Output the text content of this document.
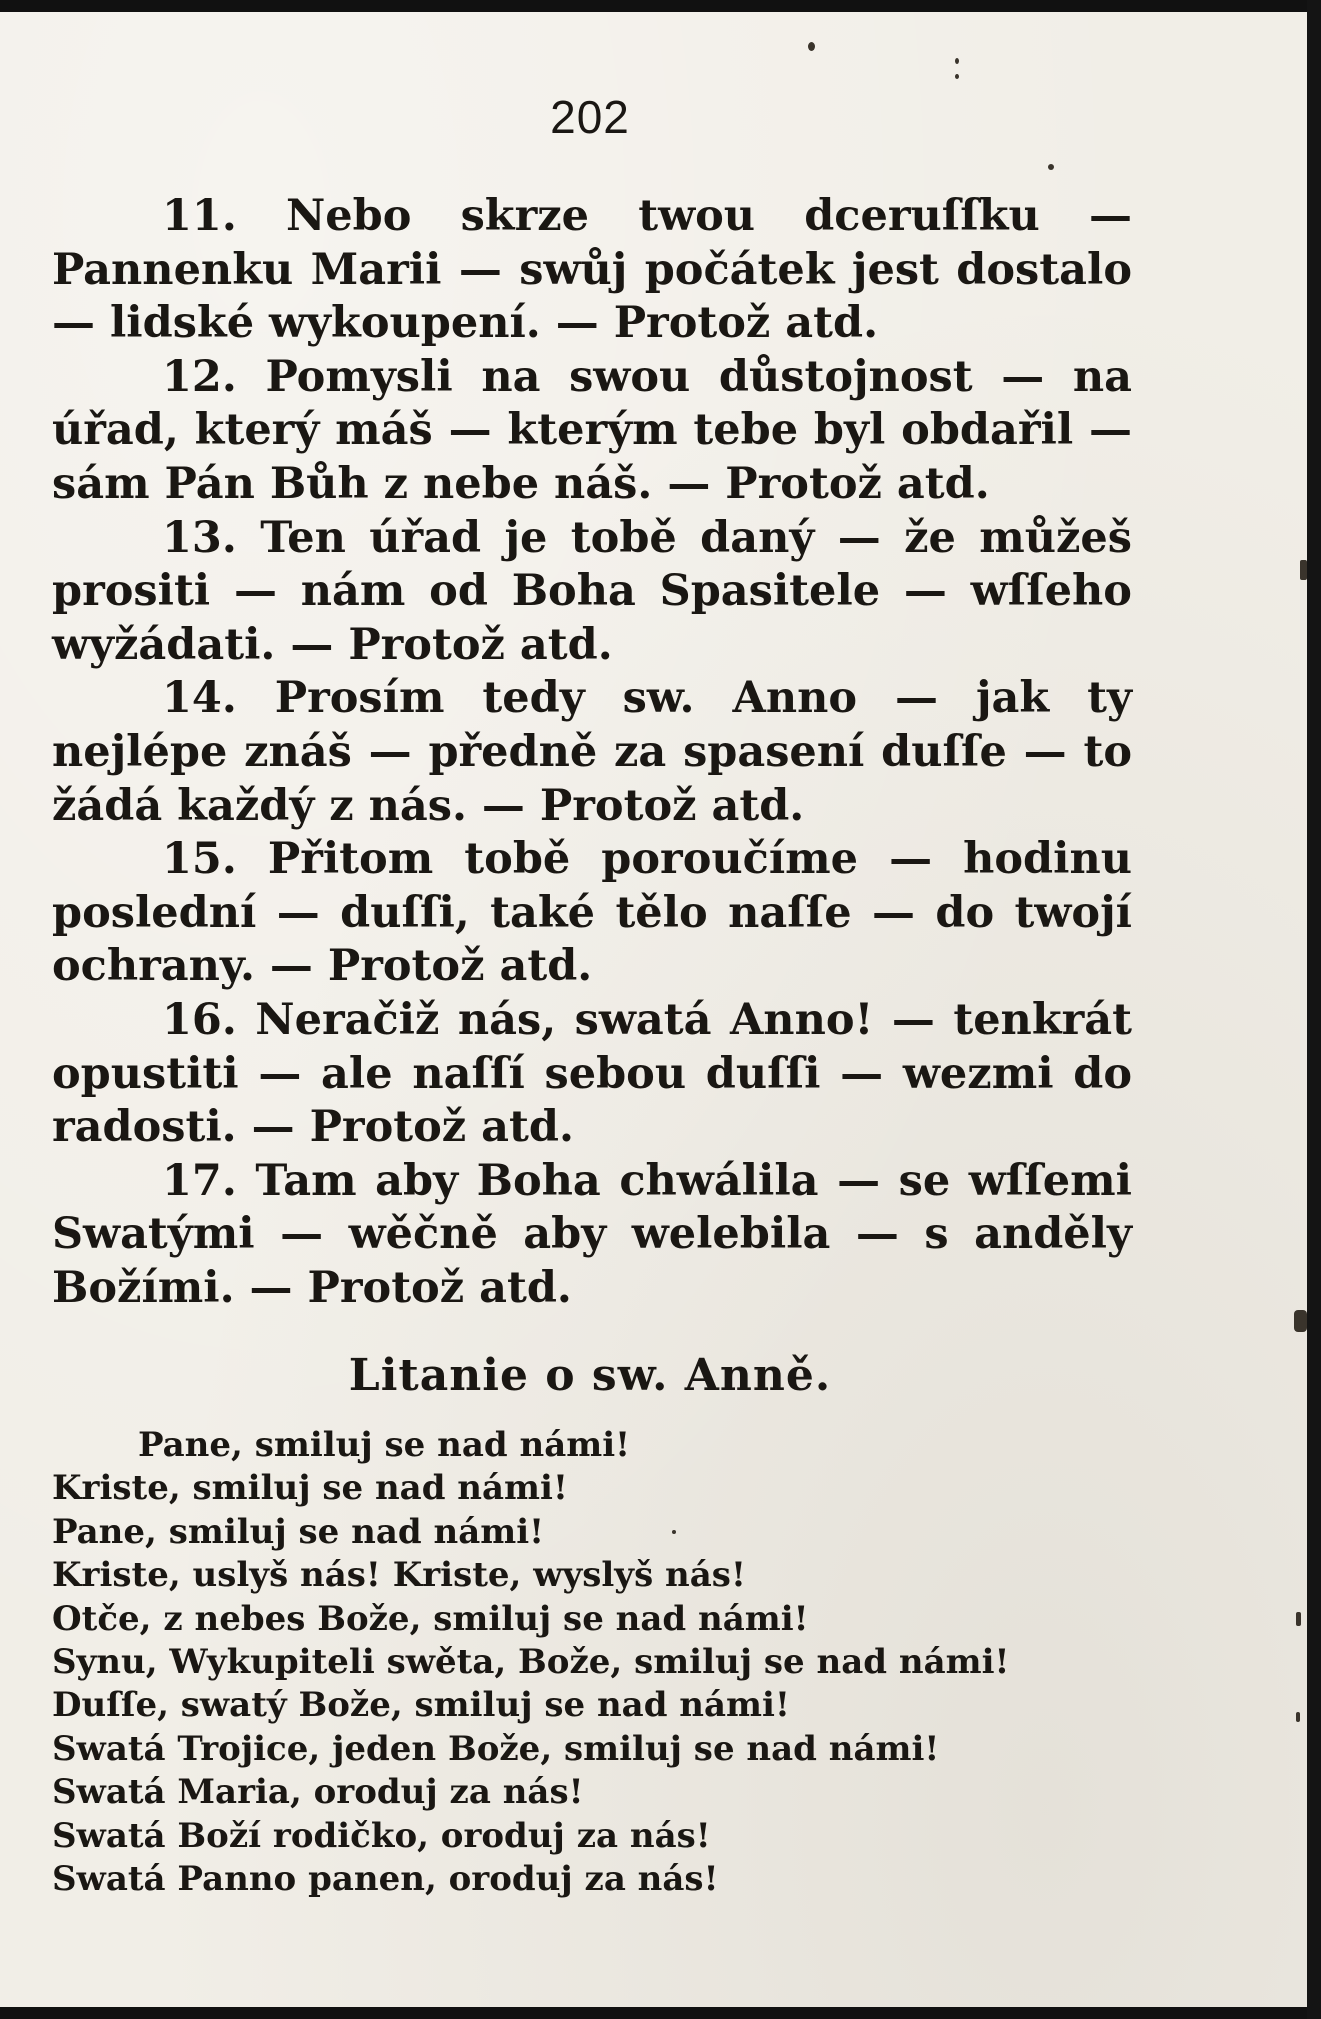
202

11. Nebo skrze twou dceruſſku — Pannenku Marii — swůj počátek jest dostalo — lidské wykoupení. — Protož atd.

12. Pomysli na swou důstojnost — na úřad, který máš — kterým tebe byl obdařil — sám Pán Bůh z nebe náš. — Protož atd.

13. Ten úřad je tobě daný — že můžeš prositi — nám od Boha Spasitele — wſſeho wyžádati. — Protož atd.

14. Prosím tedy sw. Anno — jak ty nejlépe znáš — předně za spasení duſſe — to žádá každý z nás. — Protož atd.

15. Přitom tobě poroučíme — hodinu poslední — duſſi, také tělo naſſe — do twojí ochrany. — Protož atd.

16. Neračiž nás, swatá Anno! — tenkrát opustiti — ale naſſí sebou duſſi — wezmi do radosti. — Protož atd.

17. Tam aby Boha chwálila — se wſſemi Swatými — wěčně aby welebila — s anděly Božími. — Protož atd.

Litanie o sw. Anně.

Pane, smiluj se nad námi!

Kriste, smiluj se nad námi!

Pane, smiluj se nad námi!

Kriste, uslyš nás! Kriste, wyslyš nás!

Otče, z nebes Bože, smiluj se nad námi!

Synu, Wykupiteli swěta, Bože, smiluj se nad námi!

Duſſe, swatý Bože, smiluj se nad námi!

Swatá Trojice, jeden Bože, smiluj se nad námi!

Swatá Maria, oroduj za nás!

Swatá Boží rodičko, oroduj za nás!

Swatá Panno panen, oroduj za nás!
